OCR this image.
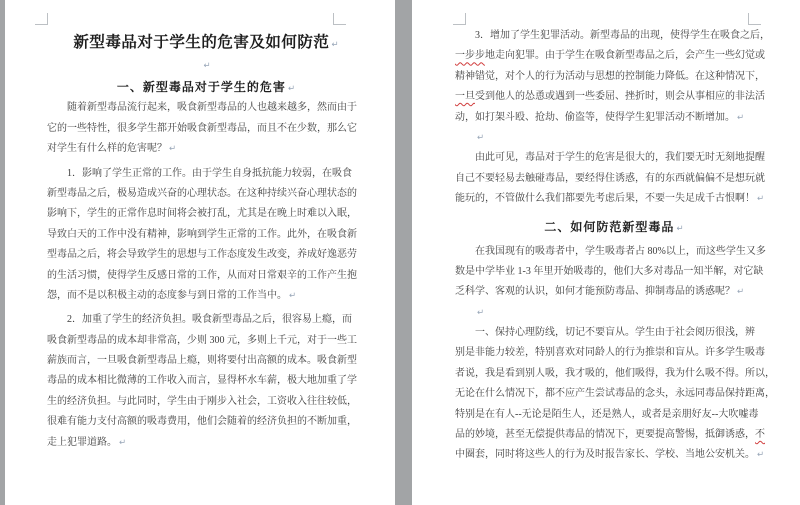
新型毒品对于学生的危害及如何防范 ↵
↵
一、新型毒品对于学生的危害 ↵
随着新型毒品流行起来，吸食新型毒品的人也越来越多，然而由于
它的一些特性，很多学生都开始吸食新型毒品，而且不在少数，那么它
对学生有什么样的危害呢？ ↵
1．影响了学生正常的工作。由于学生自身抵抗能力较弱，在吸食
新型毒品之后，极易造成兴奋的心理状态。在这种持续兴奋心理状态的
影响下，学生的正常作息时间将会被打乱，尤其是在晚上时难以入眠，
导致白天的工作中没有精神，影响到学生正常的工作。此外，在吸食新
型毒品之后，将会导致学生的思想与工作态度发生改变，养成好逸恶劳
的生活习惯，使得学生反感日常的工作，从而对日常艰辛的工作产生抱
怨，而不是以积极主动的态度参与到日常的工作当中。 ↵
2．加重了学生的经济负担。吸食新型毒品之后，很容易上瘾，而
吸食新型毒品的成本却非常高，少则 300 元，多则上千元，对于一些工
薪族而言，一旦吸食新型毒品上瘾，则将要付出高额的成本。吸食新型
毒品的成本相比微薄的工作收入而言，显得杯水车薪，极大地加重了学
生的经济负担。与此同时，学生由于刚步入社会，工资收入往往较低，
很难有能力支付高额的吸毒费用，他们会随着的经济负担的不断加重，
走上犯罪道路。 ↵
3．增加了学生犯罪活动。新型毒品的出现，使得学生在吸食之后，
一步步地走向犯罪。由于学生在吸食新型毒品之后，会产生一些幻觉或
精神错觉，对个人的行为活动与思想的控制能力降低。在这种情况下，
一旦受到他人的怂恿或遇到一些委屈、挫折时，则会从事相应的非法活
动，如打架斗殴、抢劫、偷盗等，使得学生犯罪活动不断增加。 ↵
↵
由此可见，毒品对于学生的危害是很大的，我们要无时无刻地提醒
自己不要轻易去触碰毒品，要经得住诱惑，有的东西就偏偏不是想玩就
能玩的，不管做什么我们都要先考虑后果，不要一失足成千古恨啊！ ↵
二、如何防范新型毒品 ↵
在我国现有的吸毒者中，学生吸毒者占 80%以上，而这些学生又多
数是中学毕业 1-3 年里开始吸毒的，他们大多对毒品一知半解，对它缺
乏科学、客观的认识，如何才能预防毒品、抑制毒品的诱惑呢？ ↵
↵
一、保持心理防线，切记不要盲从。学生由于社会阅历很浅，辨
别是非能力较差，特别喜欢对同龄人的行为推崇和盲从。许多学生吸毒
者说，我是看到别人吸，我才吸的，他们吸得，我为什么吸不得。所以，
无论在什么情况下，都不应产生尝试毒品的念头，永远同毒品保持距离，
特别是在有人--无论是陌生人，还是熟人，或者是亲朋好友--大吹嘘毒
品的妙境，甚至无偿提供毒品的情况下，更要提高警惕，抵御诱惑，不
中圈套，同时将这些人的行为及时报告家长、学校、当地公安机关。 ↵
